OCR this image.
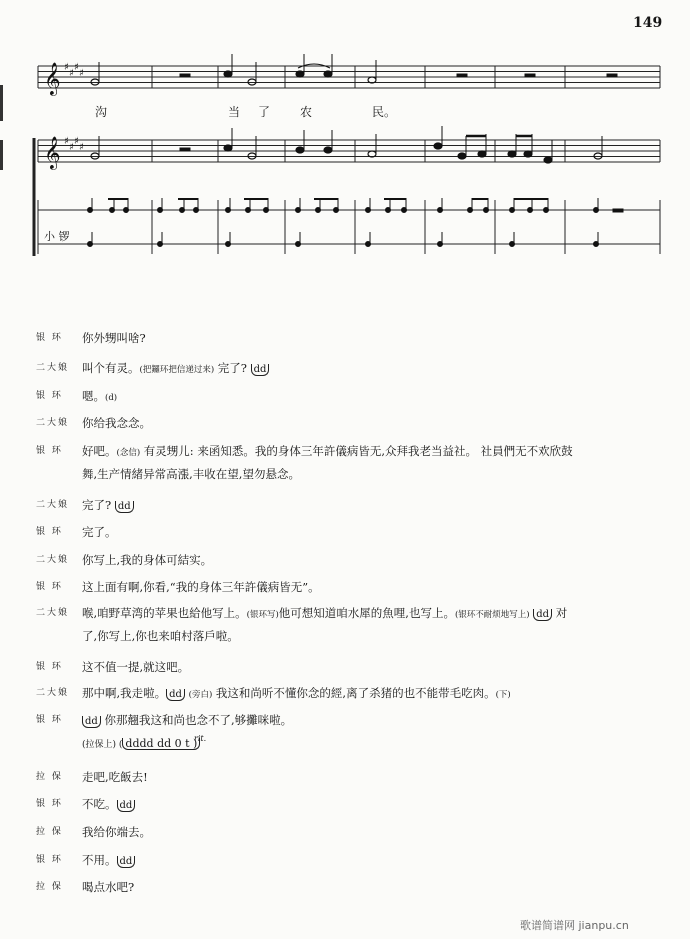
149
𝄞 ♯
♯
♯
♯
𝄞 ♯
♯
♯
♯
沟	当 了 农	民。
小 锣
银 环	你外甥叫啥?
二大娘	叫个有灵。(把鑼环把信递过来) 完了? dd
银 环	嗯。(d)
二大娘	你给我念念。
银 环	好吧。(念信) 有灵甥儿: 来函知悉。我的身体三年許儀病皆无,众拜我老当益社。 社員們无不欢欣鼓
舞,生产情緒异常高漲,丰收在望,望勿悬念。
二大娘	完了? dd
银 环	完了。
二大娘	你写上,我的身体可結实。
银 环	这上面有啊,你看,“我的身体三年許儀病皆无”。
二大娘	喉,咱野草湾的苹果也給他写上。(银环写)他可想知道咱水犀的魚哩,也写上。(银环不耐烦地写上) dd 对
了,你写上,你也来咱村落戶啦。
银 环	这不值一提,就这吧。
二大娘	那中啊,我走啦。 dd (旁白) 我这和尚听不懂你念的經,离了杀猪的也不能带毛吃肉。(下)
银 环	dd 你那翹我这和尚也念不了,够攤咪啦。
(拉保上) (
rit.
dddd dd 0 t )
拉 保	走吧,吃飯去!
银 环	不吃。 dd
拉 保	我给你端去。
银 环	不用。 dd
拉 保	喝点水吧?
歌谱简谱网 jianpu.cn
